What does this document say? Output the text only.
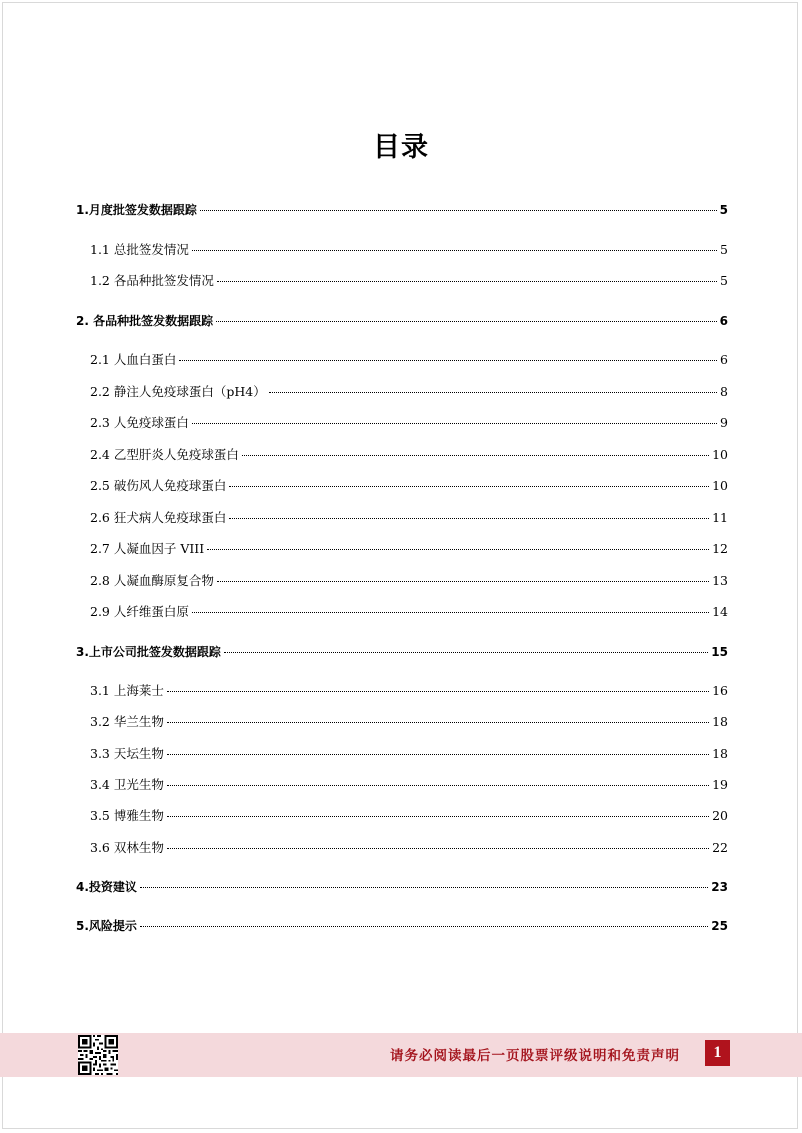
目录
1.月度批签发数据跟踪	5
1.1 总批签发情况	5
1.2 各品种批签发情况	5
2. 各品种批签发数据跟踪	6
2.1 人血白蛋白	6
2.2 静注人免疫球蛋白（pH4）	8
2.3 人免疫球蛋白	9
2.4 乙型肝炎人免疫球蛋白	10
2.5 破伤风人免疫球蛋白	10
2.6 狂犬病人免疫球蛋白	11
2.7 人凝血因子 VIII	12
2.8 人凝血酶原复合物	13
2.9 人纤维蛋白原	14
3.上市公司批签发数据跟踪	15
3.1 上海莱士	16
3.2 华兰生物	18
3.3 天坛生物	18
3.4 卫光生物	19
3.5 博雅生物	20
3.6 双林生物	22
4.投资建议	23
5.风险提示	25
请务必阅读最后一页股票评级说明和免责声明	1
